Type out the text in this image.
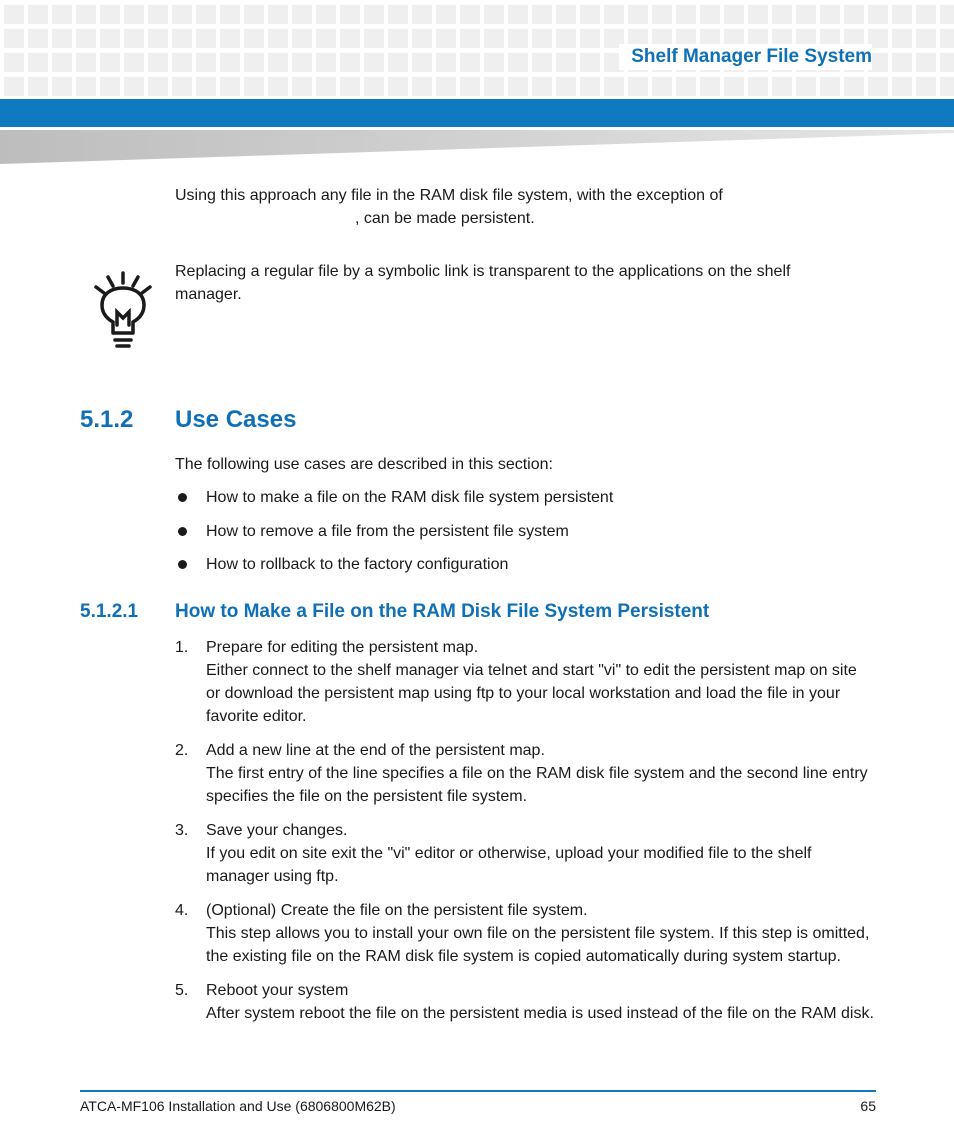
Shelf Manager File System
Using this approach any file in the RAM disk file system, with the exception of
, can be made persistent.
Replacing a regular file by a symbolic link is transparent to the applications on the shelf manager.
5.1.2 Use Cases
The following use cases are described in this section:
How to make a file on the RAM disk file system persistent
How to remove a file from the persistent file system
How to rollback to the factory configuration
5.1.2.1 How to Make a File on the RAM Disk File System Persistent
1. Prepare for editing the persistent map.
Either connect to the shelf manager via telnet and start "vi" to edit the persistent map on site or download the persistent map using ftp to your local workstation and load the file in your favorite editor.
2. Add a new line at the end of the persistent map.
The first entry of the line specifies a file on the RAM disk file system and the second line entry specifies the file on the persistent file system.
3. Save your changes.
If you edit on site exit the "vi" editor or otherwise, upload your modified file to the shelf manager using ftp.
4. (Optional) Create the file on the persistent file system.
This step allows you to install your own file on the persistent file system. If this step is omitted, the existing file on the RAM disk file system is copied automatically during system startup.
5. Reboot your system
After system reboot the file on the persistent media is used instead of the file on the RAM disk.
ATCA-MF106 Installation and Use (6806800M62B)	65
